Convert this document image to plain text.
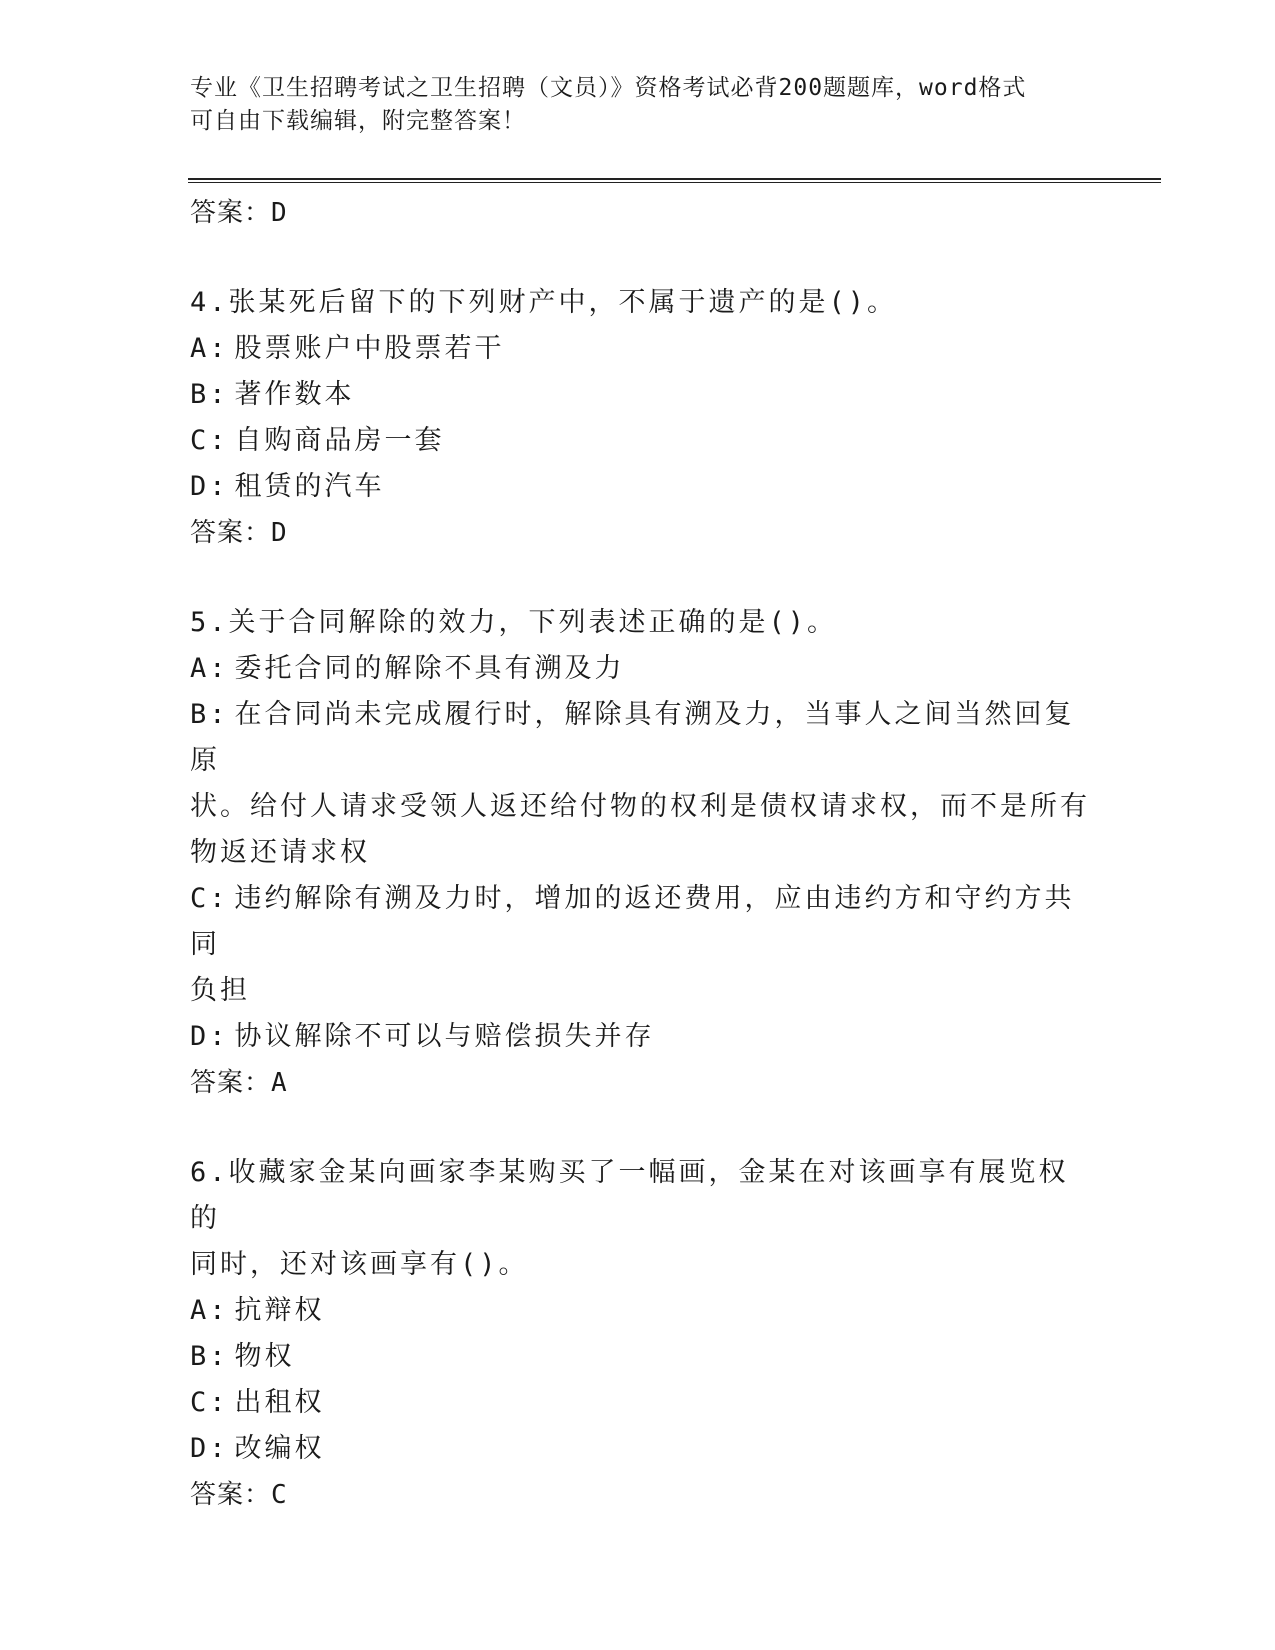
专业《卫生招聘考试之卫生招聘（文员）》资格考试必背200题题库，word格式
可自由下载编辑，附完整答案！
答案：D
4.张某死后留下的下列财产中，不属于遗产的是()。
A: 股票账户中股票若干
B: 著作数本
C: 自购商品房一套
D: 租赁的汽车
答案：D
5.关于合同解除的效力，下列表述正确的是()。
A: 委托合同的解除不具有溯及力
B: 在合同尚未完成履行时，解除具有溯及力，当事人之间当然回复原
状。给付人请求受领人返还给付物的权利是债权请求权，而不是所有
物返还请求权
C: 违约解除有溯及力时，增加的返还费用，应由违约方和守约方共同
负担
D: 协议解除不可以与赔偿损失并存
答案：A
6.收藏家金某向画家李某购买了一幅画，金某在对该画享有展览权的
同时，还对该画享有()。
A: 抗辩权
B: 物权
C: 出租权
D: 改编权
答案：C
